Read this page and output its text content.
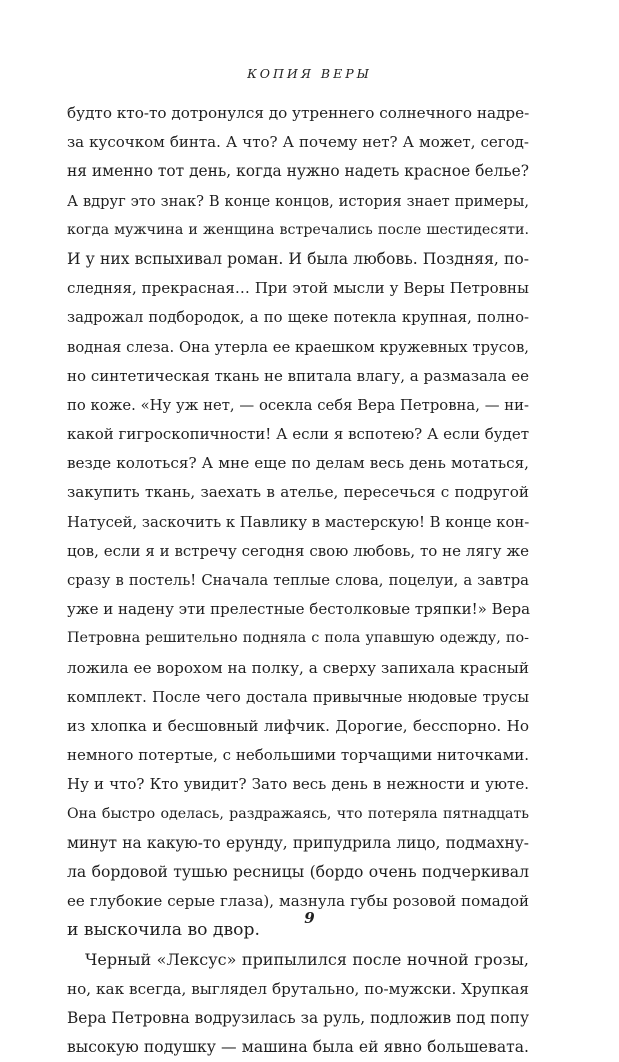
КОПИЯ ВЕРЫ
будто кто-то дотронулся до утреннего солнечного надре-
за кусочком бинта. А что? А почему нет? А может, сегод-
ня именно тот день, когда нужно надеть красное белье?
А вдруг это знак? В конце концов, история знает примеры,
когда мужчина и женщина встречались после шестидесяти.
И у них вспыхивал роман. И была любовь. Поздняя, по-
следняя, прекрасная… При этой мысли у Веры Петровны
задрожал подбородок, а по щеке потекла крупная, полно-
водная слеза. Она утерла ее краешком кружевных трусов,
но синтетическая ткань не впитала влагу, а размазала ее
по коже. «Ну уж нет, — осекла себя Вера Петровна, — ни-
какой гигроскопичности! А если я вспотею? А если будет
везде колоться? А мне еще по делам весь день мотаться,
закупить ткань, заехать в ателье, пересечься с подругой
Натусей, заскочить к Павлику в мастерскую! В конце кон-
цов, если я и встречу сегодня свою любовь, то не лягу же
сразу в постель! Сначала теплые слова, поцелуи, а завтра
уже и надену эти прелестные бестолковые тряпки!» Вера
Петровна решительно подняла с пола упавшую одежду, по-
ложила ее ворохом на полку, а сверху запихала красный
комплект. После чего достала привычные нюдовые трусы
из хлопка и бесшовный лифчик. Дорогие, бесспорно. Но
немного потертые, с небольшими торчащими ниточками.
Ну и что? Кто увидит? Зато весь день в нежности и уюте.
Она быстро оделась, раздражаясь, что потеряла пятнадцать
минут на какую-то ерунду, припудрила лицо, подмахну-
ла бордовой тушью ресницы (бордо очень подчеркивал
ее глубокие серые глаза), мазнула губы розовой помадой
и выскочила во двор.
Черный «Лексус» припылился после ночной грозы,
но, как всегда, выглядел брутально, по-мужски. Хрупкая
Вера Петровна водрузилась за руль, подложив под попу
высокую подушку — машина была ей явно большевата.
9
